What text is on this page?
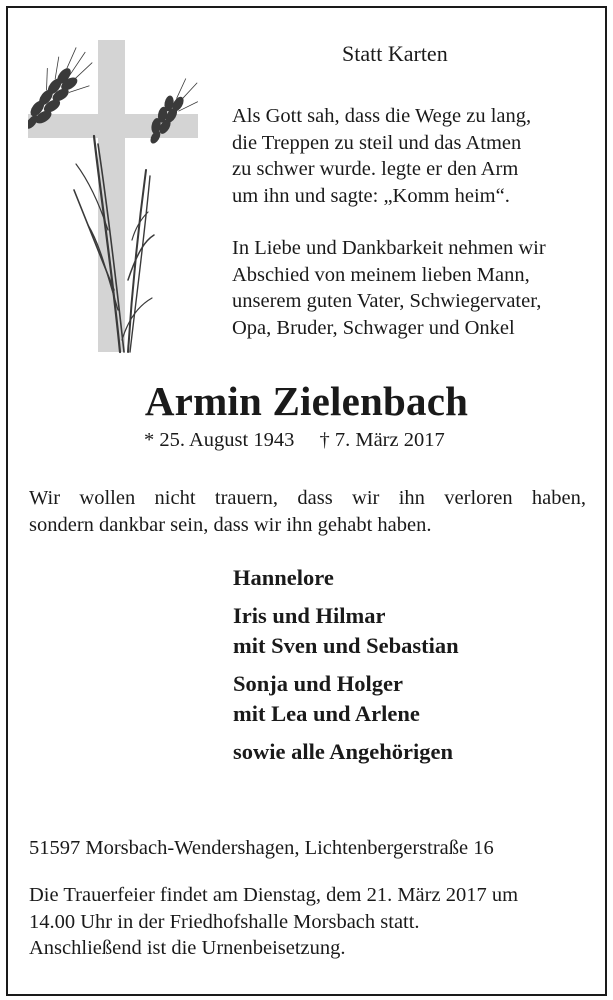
Statt Karten
Als Gott sah, dass die Wege zu lang,
die Treppen zu steil und das Atmen
zu schwer wurde. legte er den Arm
um ihn und sagte: „Komm heim“.
In Liebe und Dankbarkeit nehmen wir
Abschied von meinem lieben Mann,
unserem guten Vater, Schwiegervater,
Opa, Bruder, Schwager und Onkel
Armin Zielenbach
* 25. August 1943 † 7. März 2017
Wir wollen nicht trauern, dass wir ihn verloren haben,
sondern dankbar sein, dass wir ihn gehabt haben.
Hannelore
Iris und Hilmar
mit Sven und Sebastian
Sonja und Holger
mit Lea und Arlene
sowie alle Angehörigen
51597 Morsbach-Wendershagen, Lichtenbergerstraße 16
Die Trauerfeier findet am Dienstag, dem 21. März 2017 um
14.00 Uhr in der Friedhofshalle Morsbach statt.
Anschließend ist die Urnenbeisetzung.
